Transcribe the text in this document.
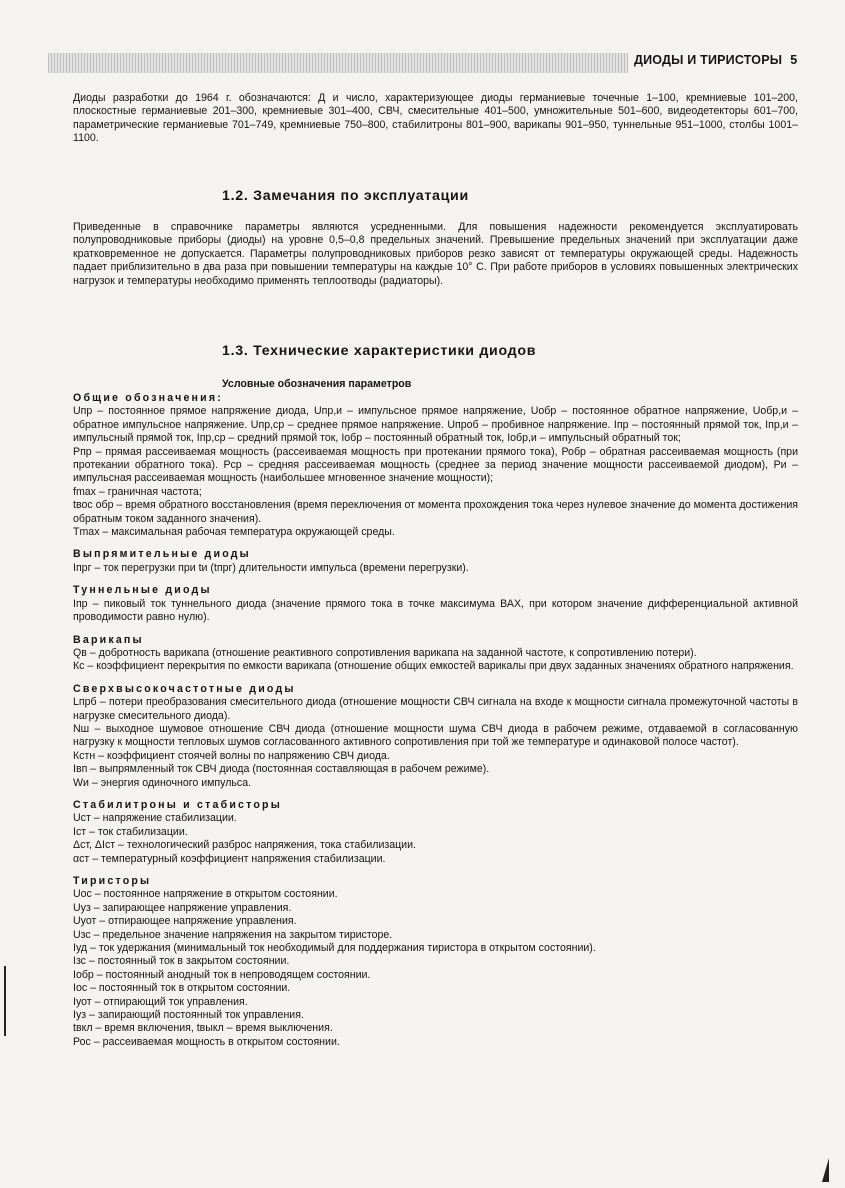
ДИОДЫ И ТИРИСТОРЫ 5

Диоды разработки до 1964 г. обозначаются: Д и число, характеризующее диоды германиевые точечные 1–100, кремниевые 101–200, плоскостные германиевые 201–300, кремниевые 301–400, СВЧ, смесительные 401–500, умножительные 501–600, видеодетекторы 601–700, параметрические германиевые 701–749, кремниевые 750–800, стабилитроны 801–900, варикапы 901–950, туннельные 951–1000, столбы 1001–1100.

1.2. Замечания по эксплуатации

Приведенные в справочнике параметры являются усредненными. Для повышения надежности рекомендуется эксплуатировать полупроводниковые приборы (диоды) на уровне 0,5–0,8 предельных значений. Превышение предельных значений при эксплуатации даже кратковременное не допускается. Параметры полупроводниковых приборов резко зависят от температуры окружающей среды. Надежность падает приблизительно в два раза при повышении температуры на каждые 10° С. При работе приборов в условиях повышенных электрических нагрузок и температуры необходимо применять теплоотводы (радиаторы).

1.3. Технические характеристики диодов
Условные обозначения параметров

Общие обозначения:

Uпр – постоянное прямое напряжение диода, Uпр,и – импульсное прямое напряжение, Uобр – постоянное обратное напряжение, Uобр,и – обратное импульсное напряжение. Uпр,ср – среднее прямое напряжение. Uпроб – пробивное напряжение. Iпр – постоянный прямой ток, Iпр,и – импульсный прямой ток, Iпр,ср – средний прямой ток, Iобр – постоянный обратный ток, Iобр,и – импульсный обратный ток;

Рпр – прямая рассеиваемая мощность (рассеиваемая мощность при протекании прямого тока), Робр – обратная рассеиваемая мощность (при протекании обратного тока). Рср – средняя рассеиваемая мощность (среднее за период значение мощности рассеиваемой диодом), Ри – импульсная рассеиваемая мощность (наибольшее мгновенное значение мощности);

fmax – граничная частота;

tвос обр – время обратного восстановления (время переключения от момента прохождения тока через нулевое значение до момента достижения обратным током заданного значения).

Tmax – максимальная рабочая температура окружающей среды.

Выпрямительные диоды

Iпрг – ток перегрузки при tи (tпрг) длительности импульса (времени перегрузки).

Туннельные диоды

Iпр – пиковый ток туннельного диода (значение прямого тока в точке максимума ВАХ, при котором значение дифференциальной активной проводимости равно нулю).

Варикапы

Qв – добротность варикапа (отношение реактивного сопротивления варикапа на заданной частоте, к сопротивлению потери).

Кс – коэффициент перекрытия по емкости варикапа (отношение общих емкостей варикалы при двух заданных значениях обратного напряжения.

Сверхвысокочастотные диоды

Lпрб – потери преобразования смесительного диода (отношение мощности СВЧ сигнала на входе к мощности сигнала промежуточной частоты в нагрузке смесительного диода).

Nш – выходное шумовое отношение СВЧ диода (отношение мощности шума СВЧ диода в рабочем режиме, отдаваемой в согласованную нагрузку к мощности тепловых шумов согласованного активного сопротивления при той же температуре и одинаковой полосе частот).

Кстн – коэффициент стоячей волны по напряжению СВЧ диода.

Iвп – выпрямленный ток СВЧ диода (постоянная составляющая в рабочем режиме).

Wи – энергия одиночного импульса.

Стабилитроны и стабисторы

Uст – напряжение стабилизации.

Iст – ток стабилизации.

Δст, ΔIст – технологический разброс напряжения, тока стабилизации.

αст – температурный коэффициент напряжения стабилизации.

Тиристоры

Uос – постоянное напряжение в открытом состоянии.

Uуз – запирающее напряжение управления.

Uуот – отпирающее напряжение управления.

Uзс – предельное значение напряжения на закрытом тиристоре.

Iуд – ток удержания (минимальный ток необходимый для поддержания тиристора в открытом состоянии).

Iзс – постоянный ток в закрытом состоянии.

Iобр – постоянный анодный ток в непроводящем состоянии.

Iос – постоянный ток в открытом состоянии.

Iуот – отпирающий ток управления.

Iуз – запирающий постоянный ток управления.

tвкл – время включения, tвыкл – время выключения.

Рос – рассеиваемая мощность в открытом состоянии.
